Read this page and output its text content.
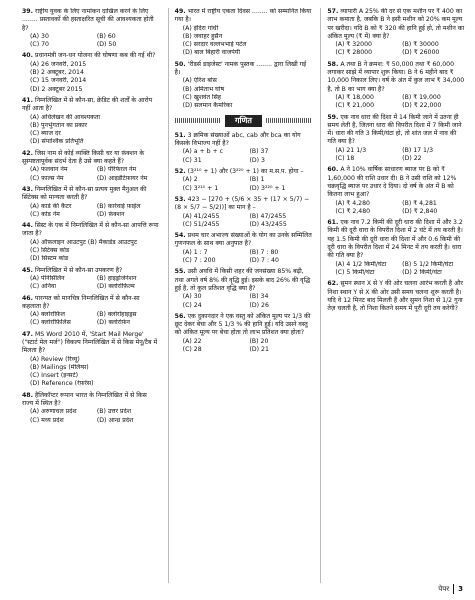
39. राष्ट्रीय युवक के लिए नामांकन दाखिल करने के लिए ........ प्रस्तावकों की हस्ताक्षरित सूची की आवश्यकता होती है?
(A) 30	(B) 60
(C) 70	(D) 50
40. प्रधानमंत्री जन-धन योजना की घोषणा कब की गई थी?
(A) 26 जनवरी, 2015
(B) 2 अक्टूबर, 2014
(C) 15 जनवरी, 2014
(D) 2 अक्टूबर 2015
41. निम्नलिखित में से कौन-सा, क्रेडिट की शर्तों के आरोप नहीं आता है?
(A) अधिलेखन की आवश्यकता
(B) पुनर्भुगतान का प्रकार
(C) ब्याज दर
(D) संपार्श्विक प्रतिभूति
42. जिस नाम से कोई व्यक्ति किसी चर या फ़ंक्शन के सुस्पष्टतापूर्वक संदर्भ देता है उसे क्या कहते हैं?
(A) फलवान नेम	(B) पेरिफेरल नेम
(C) फ़ाल्स नेम	(D) आइडेंटिफ़ायर नेम
43. निम्नलिखित में से कौन-सा प्रत्यय मुक्त मैनुअल की सिंटेक्स को मान्यता करती है?
(A) कार्ड की कैंटर	(B) कार्रवाई फ़ाईल
(C) कोड नेम	(D) फ़ंक्शन
44. सिस्ट के एक में निम्नलिखित में से कौन-सा आपत्ति रूपा जाता है?
(A) ऑफ़लाइन आउटपुट (B) मैकाडेंड आउटपुट
(C) सिंटेक्स कोड
(D) सिस्टम कोड
45. निम्नलिखित में से कौन-सा उपकरण है?
(A) पेनिसिलिन	(B) हाइड्रोजेनेशन
(C) अनिवा	(D) क्लोरोफ़िल्म
46. पारन्पत को मानचित्र निम्नलिखित में से कौन-सा कहलाता है?
(A) क्लोरोफ़िल	(B) क्लोरोहाइड्रस
(C) क्लोरोफ़िलिस	(D) क्लोरोफ़ेन
47. MS Word 2010 में, 'Start Mail Merge' ("स्टार्ट मेल मर्ज") विकल्प निम्नलिखित में से किस मेनू/टैब में मिलता है?
(A) Review (रिव्यू)
(B) Mailings (मेलिंग्स)
(C) Insert (इन्सर्ट)
(D) Reference (रेफ़रेंस)
48. हैलिकॉप्टर रूपान भारत के निम्नलिखित में से किस राज्य में स्थित है?
(A) अरुणाचल प्रदेश	(B) उत्तर प्रदेश
(C) मध्य प्रदेश	(D) आन्ध्र प्रदेश
49. भारत में राष्ट्रीय एकता दिवस ........ को सम्मानित किया गया है।
(A) इंदिरा गांधी
(B) जवाहर हुसैन
(C) सरदार वल्लभभाई पटेल
(D) बाल बिहारी वाजपेयी
50. 'रीडर्स डाइजेस्ट' नामक पुस्तक ........ द्वारा लिखी गई है।
(A) एंरिश बोस
(B) अमिताभ घोष
(C) खुशवंत सिंह
(D) सलमान कैमरिका
गणित
51. 3 क्रमिक संख्याओं abc, cab और bca का योग किसके विभाज्य नहीं है?
(A) a + b + c	(B) 37
(C) 31	(D) 3
52. (3²¹⁰ + 1) और (3²²⁰ + 1) का म.स.प. होगा –
(A) 2	(B) 1
(C) 3²¹⁰ + 1	(D) 3²²⁰ + 1
53. 423 − [270 + (5/6 × 35 + (17 × 5/7) − (8 × 5/7 − 5/2))] का मान है –
(A) 41/2455	(B) 47/2455
(C) 51/2455	(D) 43/2455
54. प्रथम चार अभाज्य संख्याओं के योग का उनके सम्मिलित गुणनफल के साथ क्या अनुपात है?
(A) 1 : 7	(B) 7 : 80
(C) 7 : 200	(D) 7 : 40
55. उसी अवधि में किसी शहर की जनसंख्या 85% बढ़ी, तथा अगले वर्ष 8% की वृद्धि हुई। इसके बाद 26% की वृद्धि हुई है, तो कुल प्रतिशत वृद्धि क्या है?
(A) 30	(B) 34
(C) 24	(D) 26
56. एक दुकानदार ने एक वस्तु को अंकित मूल्य पर 1/3 की छूट देकर बेचा और 5 1/3 % की हानि हुई। यदि उसने वस्तु को अंकित मूल्य पर बेचा होता तो लाभ प्रतिशत क्या होता?
(A) 22	(B) 20
(C) 28	(D) 21
57. व्यापारी A 25% की दर से एक मशीन पर ₹ 400 का लाभ कमाता है, जबकि B ने इसी मशीन को 20% कम मूल्य पर खरीदा। यदि B को ₹ 320 की हानि हुई हो, तो मशीन का अंकित मूल्य (₹ में) क्या है?
(A) ₹ 32000	(B) ₹ 30000
(C) ₹ 28000	(D) ₹ 26000
58. A तथा B ने क्रमश: ₹ 50,000 तथा ₹ 60,000 लगाकर साझे में व्यापार शुरू किया। B ने 6 महीने बाद ₹ 10,000 निकाल लिए। वर्ष के अंत में कुल लाभ ₹ 34,000 है, तो B का भाग क्या है?
(A) ₹ 18,000	(B) ₹ 19,000
(C) ₹ 21,000	(D) ₹ 22,000
59. एक नाव धारा की दिशा में 14 किमी जाने में उतना ही समय लेती है, जितना धारा की विपरीत दिशा में 7 किमी जाने में। धारा की गति 3 किमी/घंटा हो, तो शांत जल में नाव की गति क्या है?
(A) 21 1/3	(B) 17 1/3
(C) 18	(D) 22
60. A ने 10% वार्षिक साधारण ब्याज पर B को ₹ 1,60,000 की राशि उधार दी। B ने उसी राशि को 12% चक्रवृद्धि ब्याज पर उधार दे दिया। दो वर्ष के अंत में B को कितना लाभ हुआ?
(A) ₹ 4,280	(B) ₹ 4,281
(C) ₹ 2,480	(D) ₹ 2,840
61. एक नाव 7.2 किमी की दूरी धारा की दिशा में और 3.2 किमी की दूरी धारा के विपरीत दिशा में 2 घंटे में तय करती है। यह 1.5 किमी की दूरी धारा की दिशा में और 0.6 किमी की दूरी धारा के विपरीत दिशा में 24 मिनट में तय करती है। धारा की गति क्या है?
(A) 4 1/2 किमी/घंटा	(B) 5 1/2 किमी/घंटा
(C) 5 किमी/घंटा	(D) 2 किमी/घंटा
62. सुमन स्थान X से Y की ओर चलना आरंभ करती है और निशा स्थान Y से X की ओर उसी समय चलना शुरू करती है। यदि वे 12 मिनट बाद मिलती हैं और सुमन निशा से 1/2 गुना तेज़ चलती है, तो निशा कितने समय में पूरी दूरी तय करेगी?
पेपर 3
